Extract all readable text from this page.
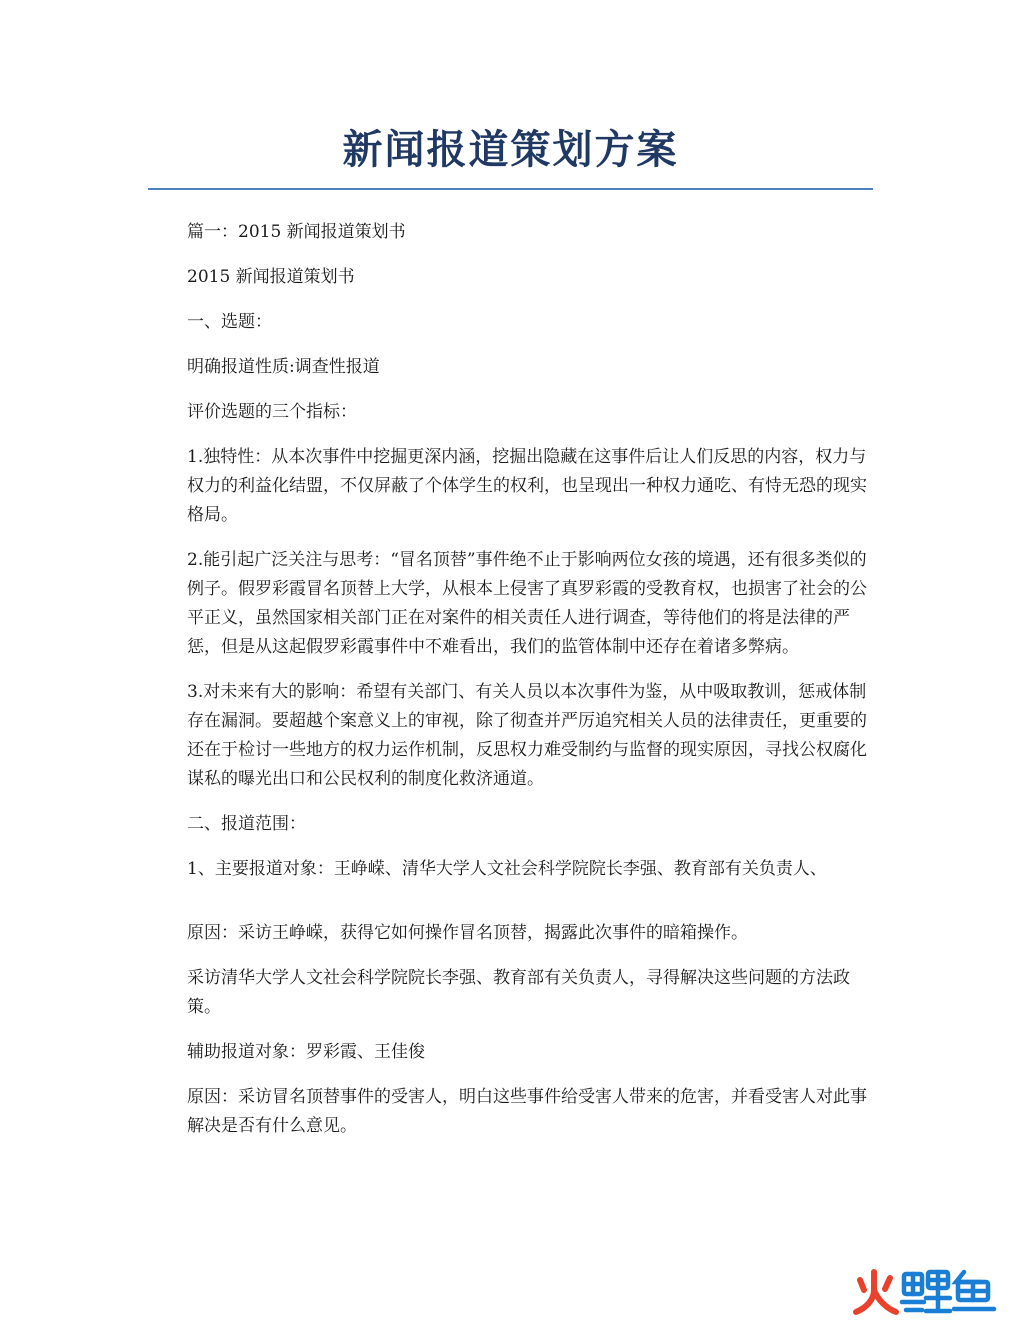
新闻报道策划方案

篇一：2015 新闻报道策划书

2015 新闻报道策划书

一、选题：

明确报道性质:调查性报道

评价选题的三个指标：

1.独特性：从本次事件中挖掘更深内涵，挖掘出隐藏在这事件后让人们反思的内容，权力与权力的利益化结盟，不仅屏蔽了个体学生的权利，也呈现出一种权力通吃、有恃无恐的现实格局。

2.能引起广泛关注与思考：“冒名顶替”事件绝不止于影响两位女孩的境遇，还有很多类似的例子。假罗彩霞冒名顶替上大学，从根本上侵害了真罗彩霞的受教育权，也损害了社会的公平正义，虽然国家相关部门正在对案件的相关责任人进行调查，等待他们的将是法律的严惩，但是从这起假罗彩霞事件中不难看出，我们的监管体制中还存在着诸多弊病。

3.对未来有大的影响：希望有关部门、有关人员以本次事件为鉴，从中吸取教训，惩戒体制存在漏洞。要超越个案意义上的审视，除了彻查并严厉追究相关人员的法律责任，更重要的还在于检讨一些地方的权力运作机制，反思权力难受制约与监督的现实原因，寻找公权腐化谋私的曝光出口和公民权利的制度化救济通道。

二、报道范围：

1、主要报道对象：王峥嵘、清华大学人文社会科学院院长李强、教育部有关负责人、

原因：采访王峥嵘，获得它如何操作冒名顶替，揭露此次事件的暗箱操作。

采访清华大学人文社会科学院院长李强、教育部有关负责人，寻得解决这些问题的方法政策。

辅助报道对象：罗彩霞、王佳俊

原因：采访冒名顶替事件的受害人，明白这些事件给受害人带来的危害，并看受害人对此事解决是否有什么意见。
